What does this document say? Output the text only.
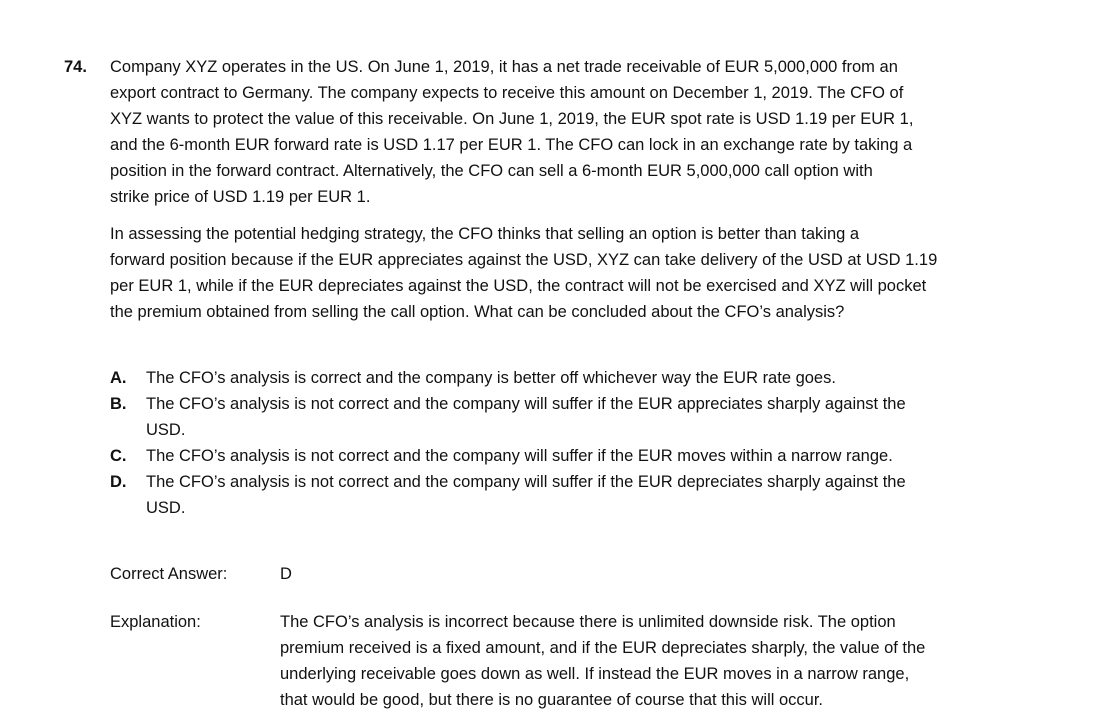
74. Company XYZ operates in the US. On June 1, 2019, it has a net trade receivable of EUR 5,000,000 from an
export contract to Germany. The company expects to receive this amount on December 1, 2019. The CFO of
XYZ wants to protect the value of this receivable. On June 1, 2019, the EUR spot rate is USD 1.19 per EUR 1,
and the 6-month EUR forward rate is USD 1.17 per EUR 1. The CFO can lock in an exchange rate by taking a
position in the forward contract. Alternatively, the CFO can sell a 6-month EUR 5,000,000 call option with
strike price of USD 1.19 per EUR 1.

In assessing the potential hedging strategy, the CFO thinks that selling an option is better than taking a
forward position because if the EUR appreciates against the USD, XYZ can take delivery of the USD at USD 1.19
per EUR 1, while if the EUR depreciates against the USD, the contract will not be exercised and XYZ will pocket
the premium obtained from selling the call option. What can be concluded about the CFO’s analysis?

A. The CFO’s analysis is correct and the company is better off whichever way the EUR rate goes.
B. The CFO’s analysis is not correct and the company will suffer if the EUR appreciates sharply against the
USD.
C. The CFO’s analysis is not correct and the company will suffer if the EUR moves within a narrow range.
D. The CFO’s analysis is not correct and the company will suffer if the EUR depreciates sharply against the
USD.
Correct Answer:	D
Explanation:	The CFO’s analysis is incorrect because there is unlimited downside risk. The option
premium received is a fixed amount, and if the EUR depreciates sharply, the value of the
underlying receivable goes down as well. If instead the EUR moves in a narrow range,
that would be good, but there is no guarantee of course that this will occur.
